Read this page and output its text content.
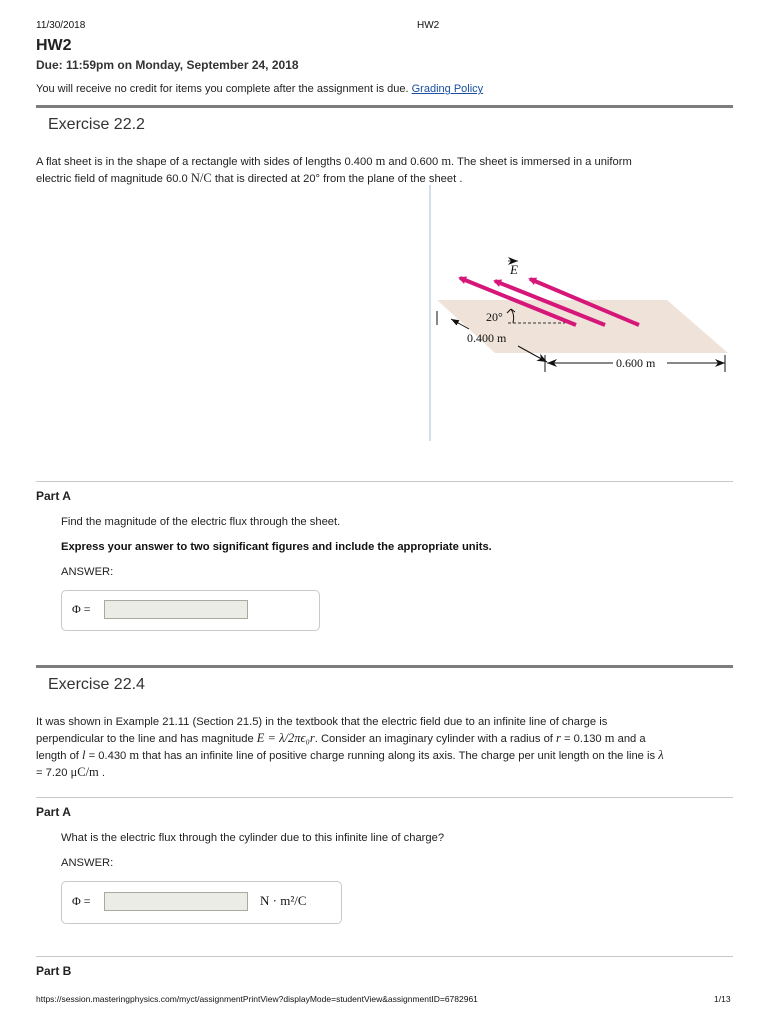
11/30/2018	HW2
HW2
Due: 11:59pm on Monday, September 24, 2018
You will receive no credit for items you complete after the assignment is due. Grading Policy
Exercise 22.2
A flat sheet is in the shape of a rectangle with sides of lengths 0.400 m and 0.600 m. The sheet is immersed in a uniform
electric field of magnitude 60.0 N/C that is directed at 20° from the plane of the sheet .
E
20°
0.400 m
0.600 m
Part A
Find the magnitude of the electric flux through the sheet.
Express your answer to two significant figures and include the appropriate units.
ANSWER:
Φ =
Exercise 22.4
It was shown in Example 21.11 (Section 21.5) in the textbook that the electric field due to an infinite line of charge is
perpendicular to the line and has magnitude E = λ/2πϵ₀r. Consider an imaginary cylinder with a radius of r = 0.130 m and a
length of l = 0.430 m that has an infinite line of positive charge running along its axis. The charge per unit length on the line is λ
= 7.20 μC/m .
Part A
What is the electric flux through the cylinder due to this infinite line of charge?
ANSWER:
Φ =	N · m²/C
Part B
https://session.masteringphysics.com/myct/assignmentPrintView?displayMode=studentView&assignmentID=6782961	1/13
